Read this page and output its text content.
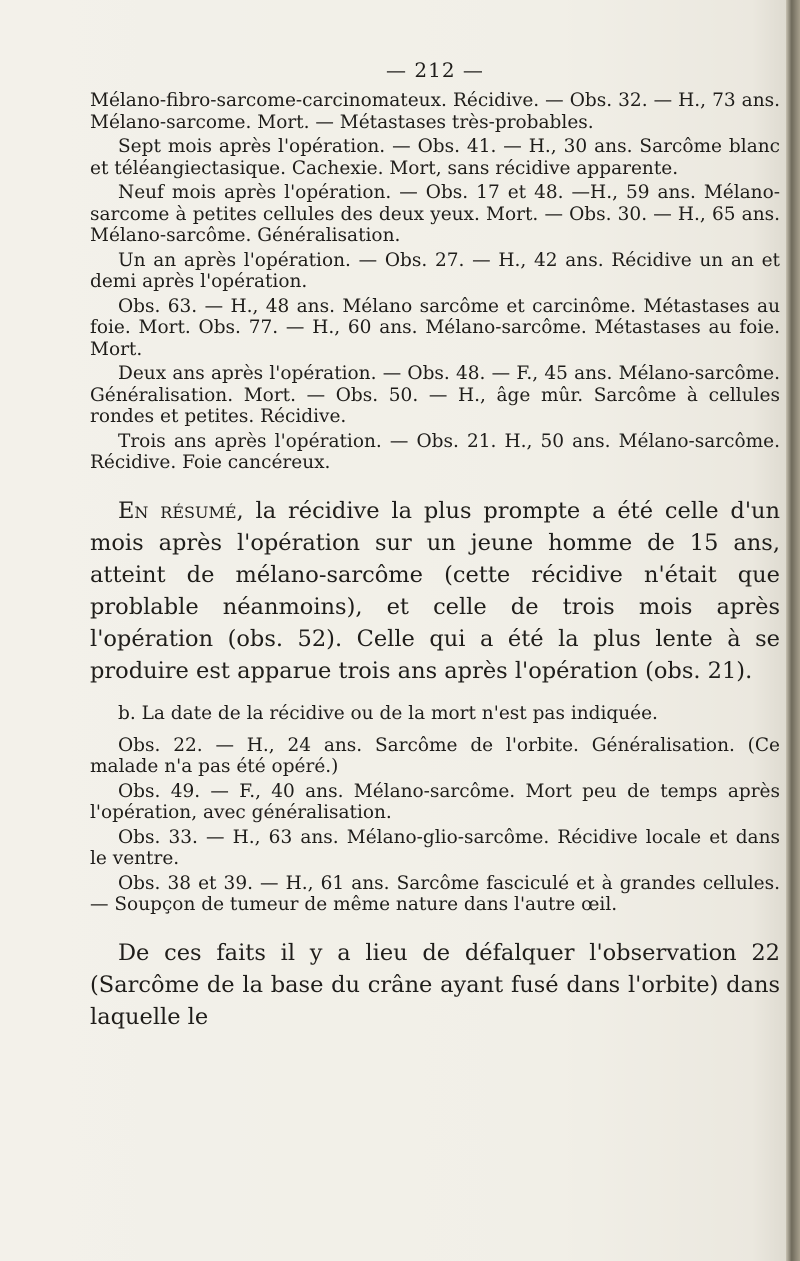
— 212 —

Mélano-fibro-sarcome-carcinomateux. Récidive. — Obs. 32. — H., 73 ans. Mélano-sarcome. Mort. — Métastases très-probables.

Sept mois après l'opération. — Obs. 41. — H., 30 ans. Sarcôme blanc et téléangiectasique. Cachexie. Mort, sans récidive apparente.

Neuf mois après l'opération. — Obs. 17 et 48. —H., 59 ans. Mélano-sarcome à petites cellules des deux yeux. Mort. — Obs. 30. — H., 65 ans. Mélano-sarcôme. Généralisation.

Un an après l'opération. — Obs. 27. — H., 42 ans. Récidive un an et demi après l'opération.

Obs. 63. — H., 48 ans. Mélano sarcôme et carcinôme. Métastases au foie. Mort. Obs. 77. — H., 60 ans. Mélano-sarcôme. Métastases au foie. Mort.

Deux ans après l'opération. — Obs. 48. — F., 45 ans. Mélano-sarcôme. Généralisation. Mort. — Obs. 50. — H., âge mûr. Sarcôme à cellules rondes et petites. Récidive.

Trois ans après l'opération. — Obs. 21. H., 50 ans. Mélano-sarcôme. Récidive. Foie cancéreux.

En résumé, la récidive la plus prompte a été celle d'un mois après l'opération sur un jeune homme de 15 ans, atteint de mélano-sarcôme (cette récidive n'était que problable néanmoins), et celle de trois mois après l'opération (obs. 52). Celle qui a été la plus lente à se produire est apparue trois ans après l'opération (obs. 21).

b. La date de la récidive ou de la mort n'est pas indiquée.

Obs. 22. — H., 24 ans. Sarcôme de l'orbite. Généralisation. (Ce malade n'a pas été opéré.)

Obs. 49. — F., 40 ans. Mélano-sarcôme. Mort peu de temps après l'opération, avec généralisation.

Obs. 33. — H., 63 ans. Mélano-glio-sarcôme. Récidive locale et dans le ventre.

Obs. 38 et 39. — H., 61 ans. Sarcôme fasciculé et à grandes cellules. — Soupçon de tumeur de même nature dans l'autre œil.

De ces faits il y a lieu de défalquer l'observation 22 (Sarcôme de la base du crâne ayant fusé dans l'orbite) dans laquelle le
